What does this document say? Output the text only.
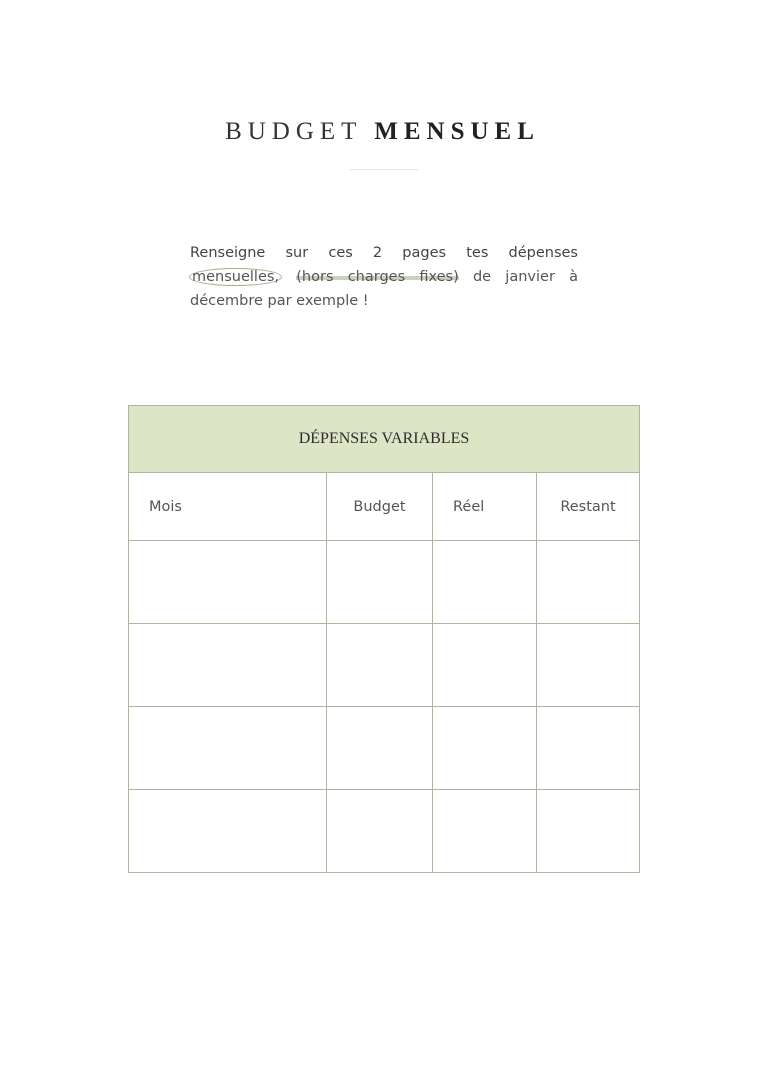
BUDGET MENSUEL
Renseigne sur ces 2 pages tes dépenses mensuelles, (hors charges fixes) de janvier à décembre par exemple !
DÉPENSES VARIABLES			
Mois	Budget	Réel	Restant
